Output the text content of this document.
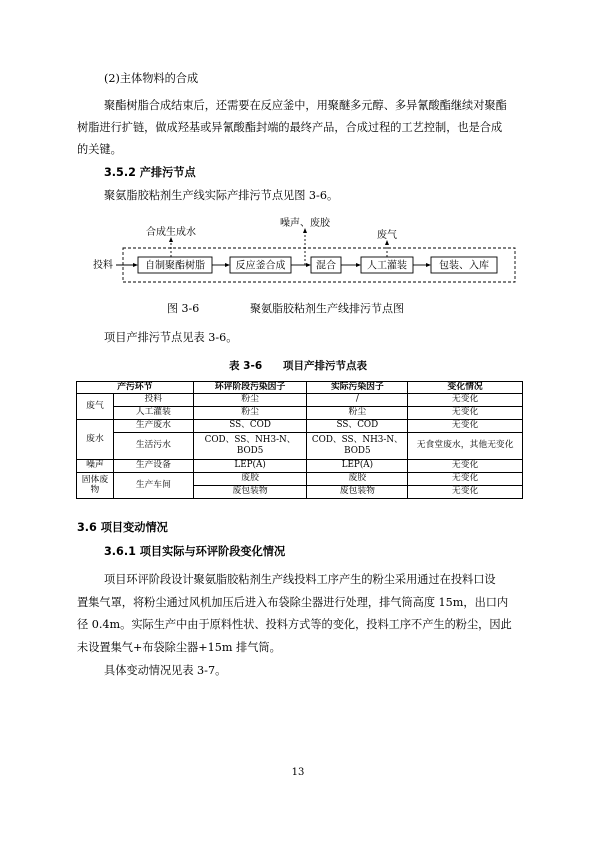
(2)主体物料的合成
聚酯树脂合成结束后，还需要在反应釜中，用聚醚多元醇、多异氰酸酯继续对聚酯
树脂进行扩链，做成羟基或异氰酸酯封端的最终产品，合成过程的工艺控制，也是合成
的关键。
3.5.2 产排污节点
聚氨脂胶粘剂生产线实际产排污节点见图 3-6。
投料	自制聚酯树脂	反应釜合成	混合	人工灌装	包装、入库
合成生成水
噪声、废胶
废气
图 3-6	聚氨脂胶粘剂生产线排污节点图
项目产排污节点见表 3-6。
表 3-6 项目产排污节点表
产污环节		环评阶段污染因子	实际污染因子	变化情况
废气	投料	粉尘	/	无变化
	人工灌装	粉尘	粉尘	无变化
废水	生产废水	SS、COD	SS、COD	无变化
	生活污水	COD、SS、NH3-N、BOD5	COD、SS、NH3-N、BOD5	无食堂废水，其他无变化
噪声	生产设备	LEP(A)	LEP(A)	无变化
固体废物	生产车间	废胶	废胶	无变化
		废包装物	废包装物	无变化
3.6 项目变动情况
3.6.1 项目实际与环评阶段变化情况
项目环评阶段设计聚氨脂胶粘剂生产线投料工序产生的粉尘采用通过在投料口设
置集气罩，将粉尘通过风机加压后进入布袋除尘器进行处理，排气筒高度 15m，出口内
径 0.4m。实际生产中由于原料性状、投料方式等的变化，投料工序不产生的粉尘，因此
未设置集气+布袋除尘器+15m 排气筒。
具体变动情况见表 3-7。
13
